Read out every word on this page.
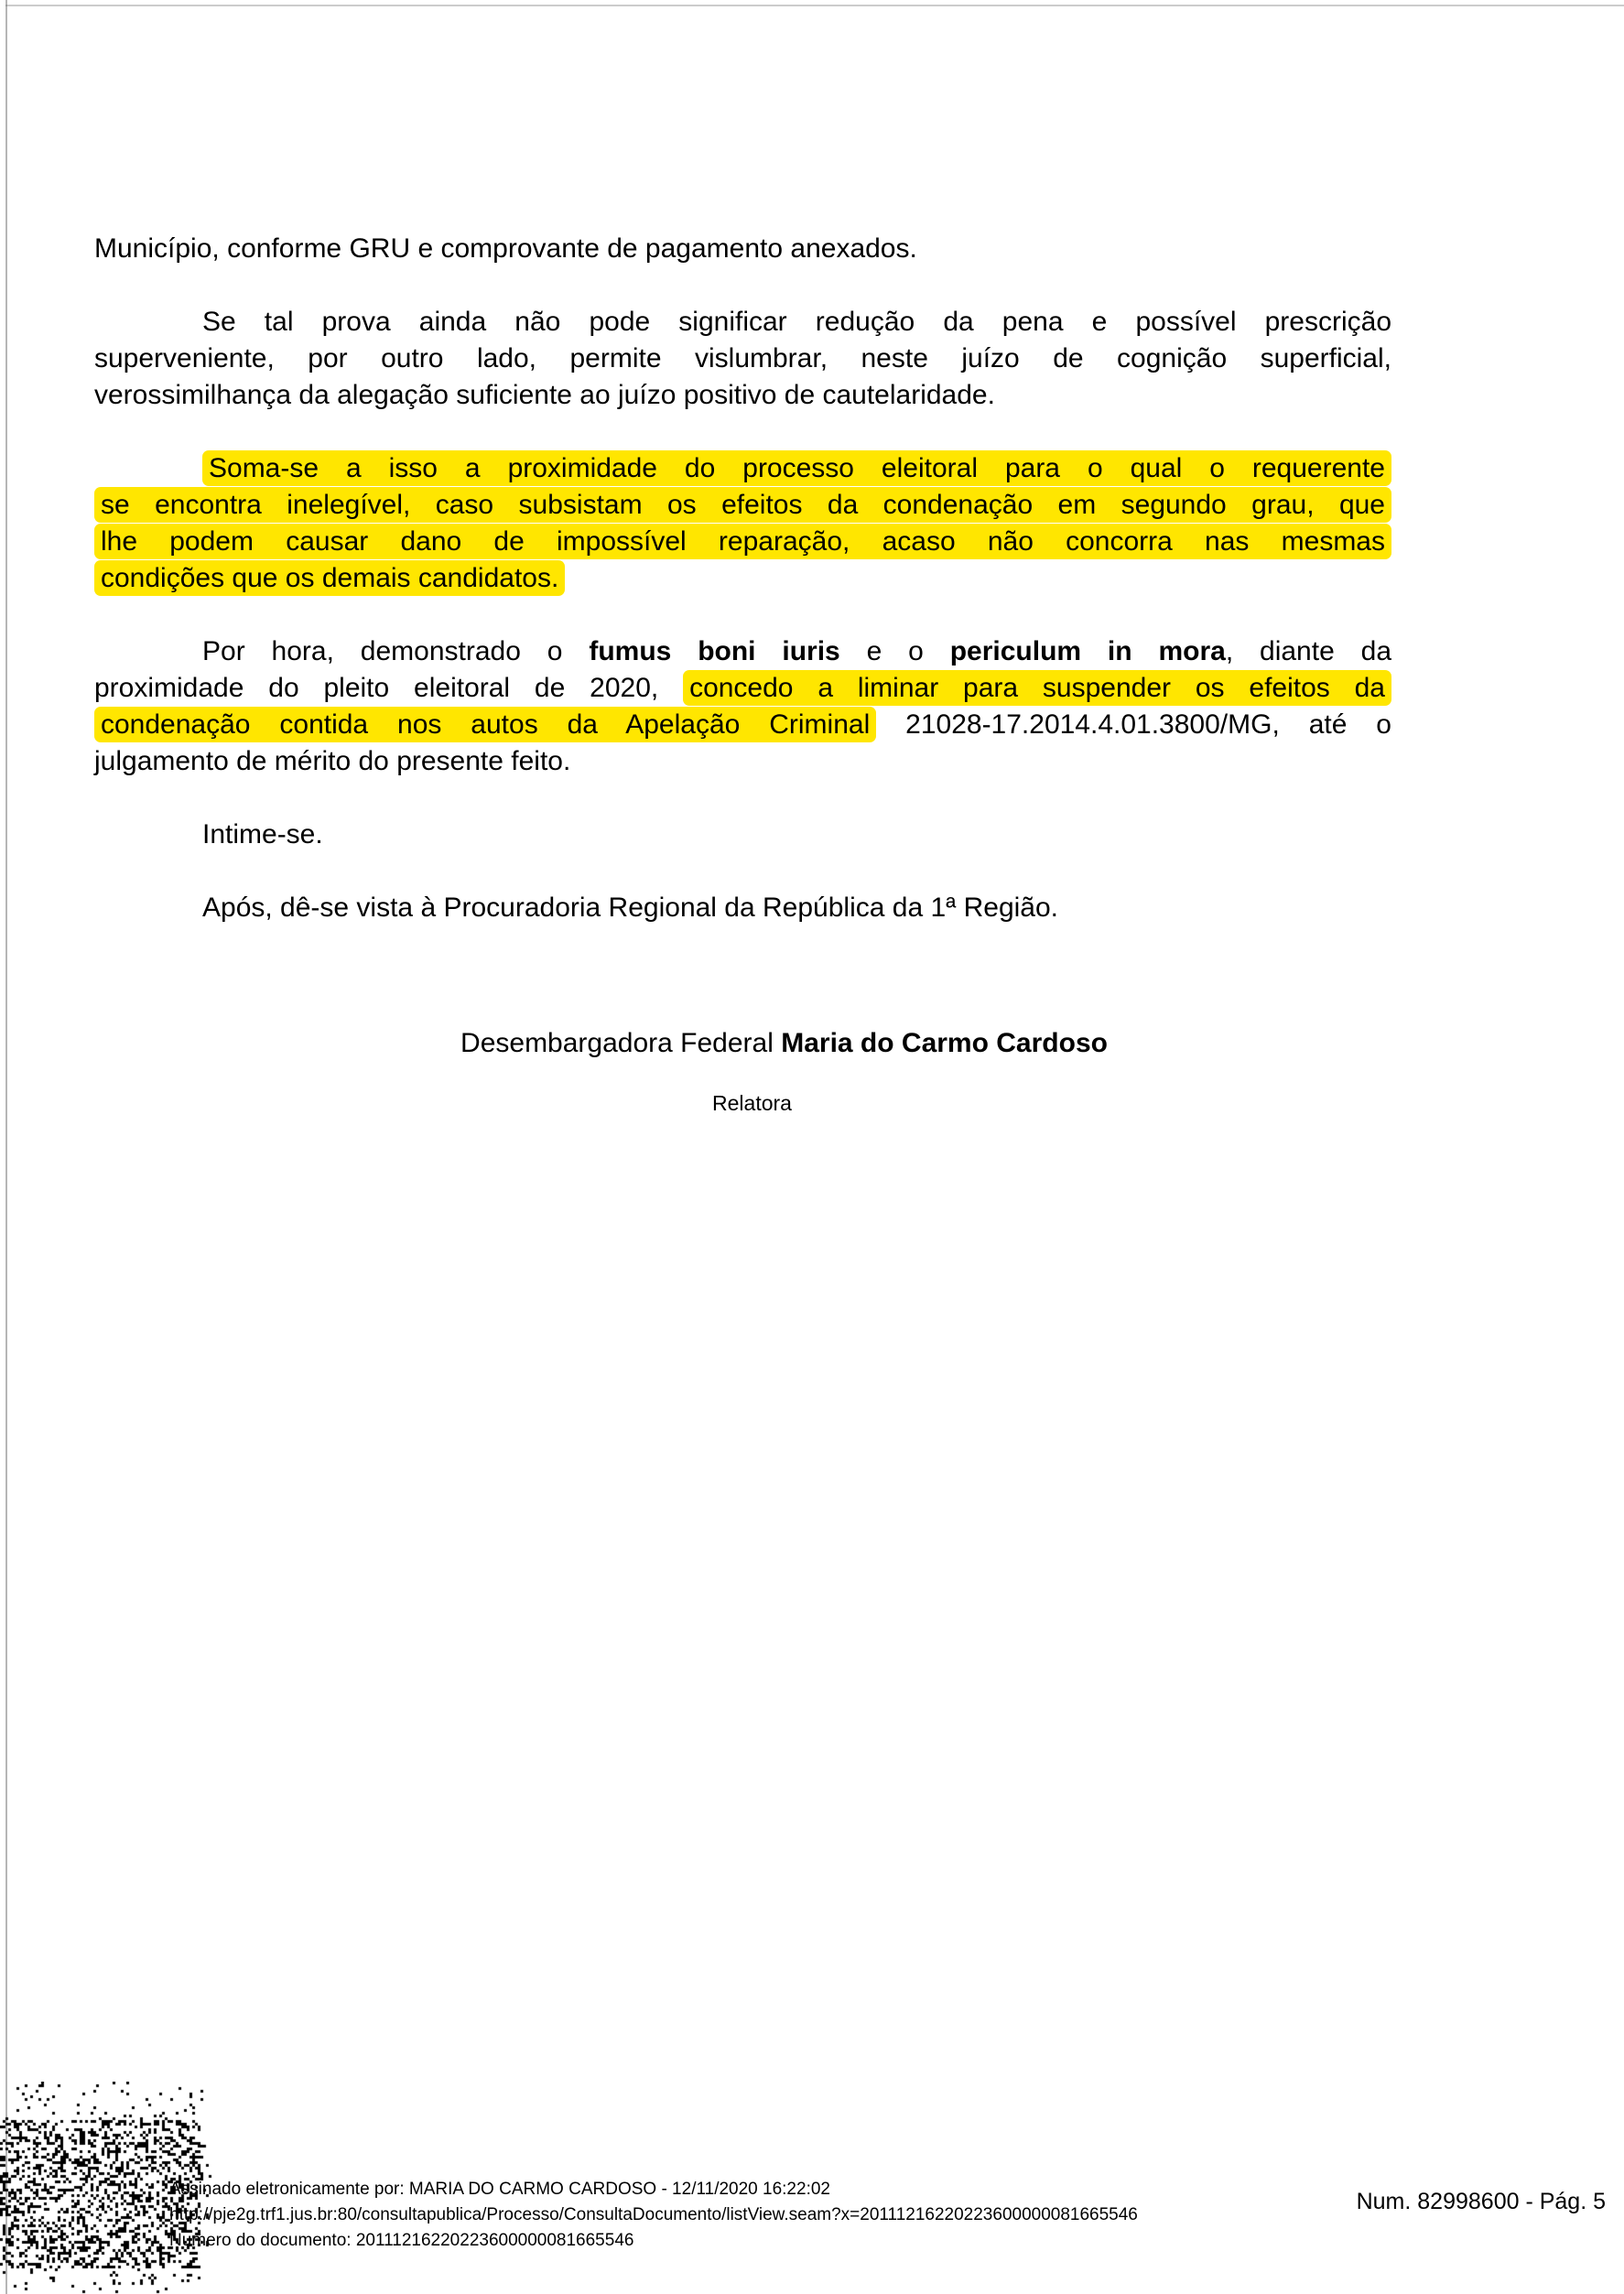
Município, conforme GRU e comprovante de pagamento anexados.
Se tal prova ainda não pode significar redução da pena e possível prescrição
superveniente, por outro lado, permite vislumbrar, neste juízo de cognição superficial,
verossimilhança da alegação suficiente ao juízo positivo de cautelaridade.
Soma-se a isso a proximidade do processo eleitoral para o qual o requerente
se encontra inelegível, caso subsistam os efeitos da condenação em segundo grau, que
lhe podem causar dano de impossível reparação, acaso não concorra nas mesmas
condições que os demais candidatos.
Por hora, demonstrado o fumus boni iuris e o periculum in mora, diante da
proximidade do pleito eleitoral de 2020, concedo a liminar para suspender os efeitos da
condenação contida nos autos da Apelação Criminal 21028-17.2014.4.01.3800/MG, até o
julgamento de mérito do presente feito.
Intime-se.
Após, dê-se vista à Procuradoria Regional da República da 1ª Região.
Desembargadora Federal Maria do Carmo Cardoso
Relatora
Assinado eletronicamente por: MARIA DO CARMO CARDOSO - 12/11/2020 16:22:02
http://pje2g.trf1.jus.br:80/consultapublica/Processo/ConsultaDocumento/listView.seam?x=20111216220223600000081665546
Numero do documento: 20111216220223600000081665546
Num. 82998600 - Pág. 5
